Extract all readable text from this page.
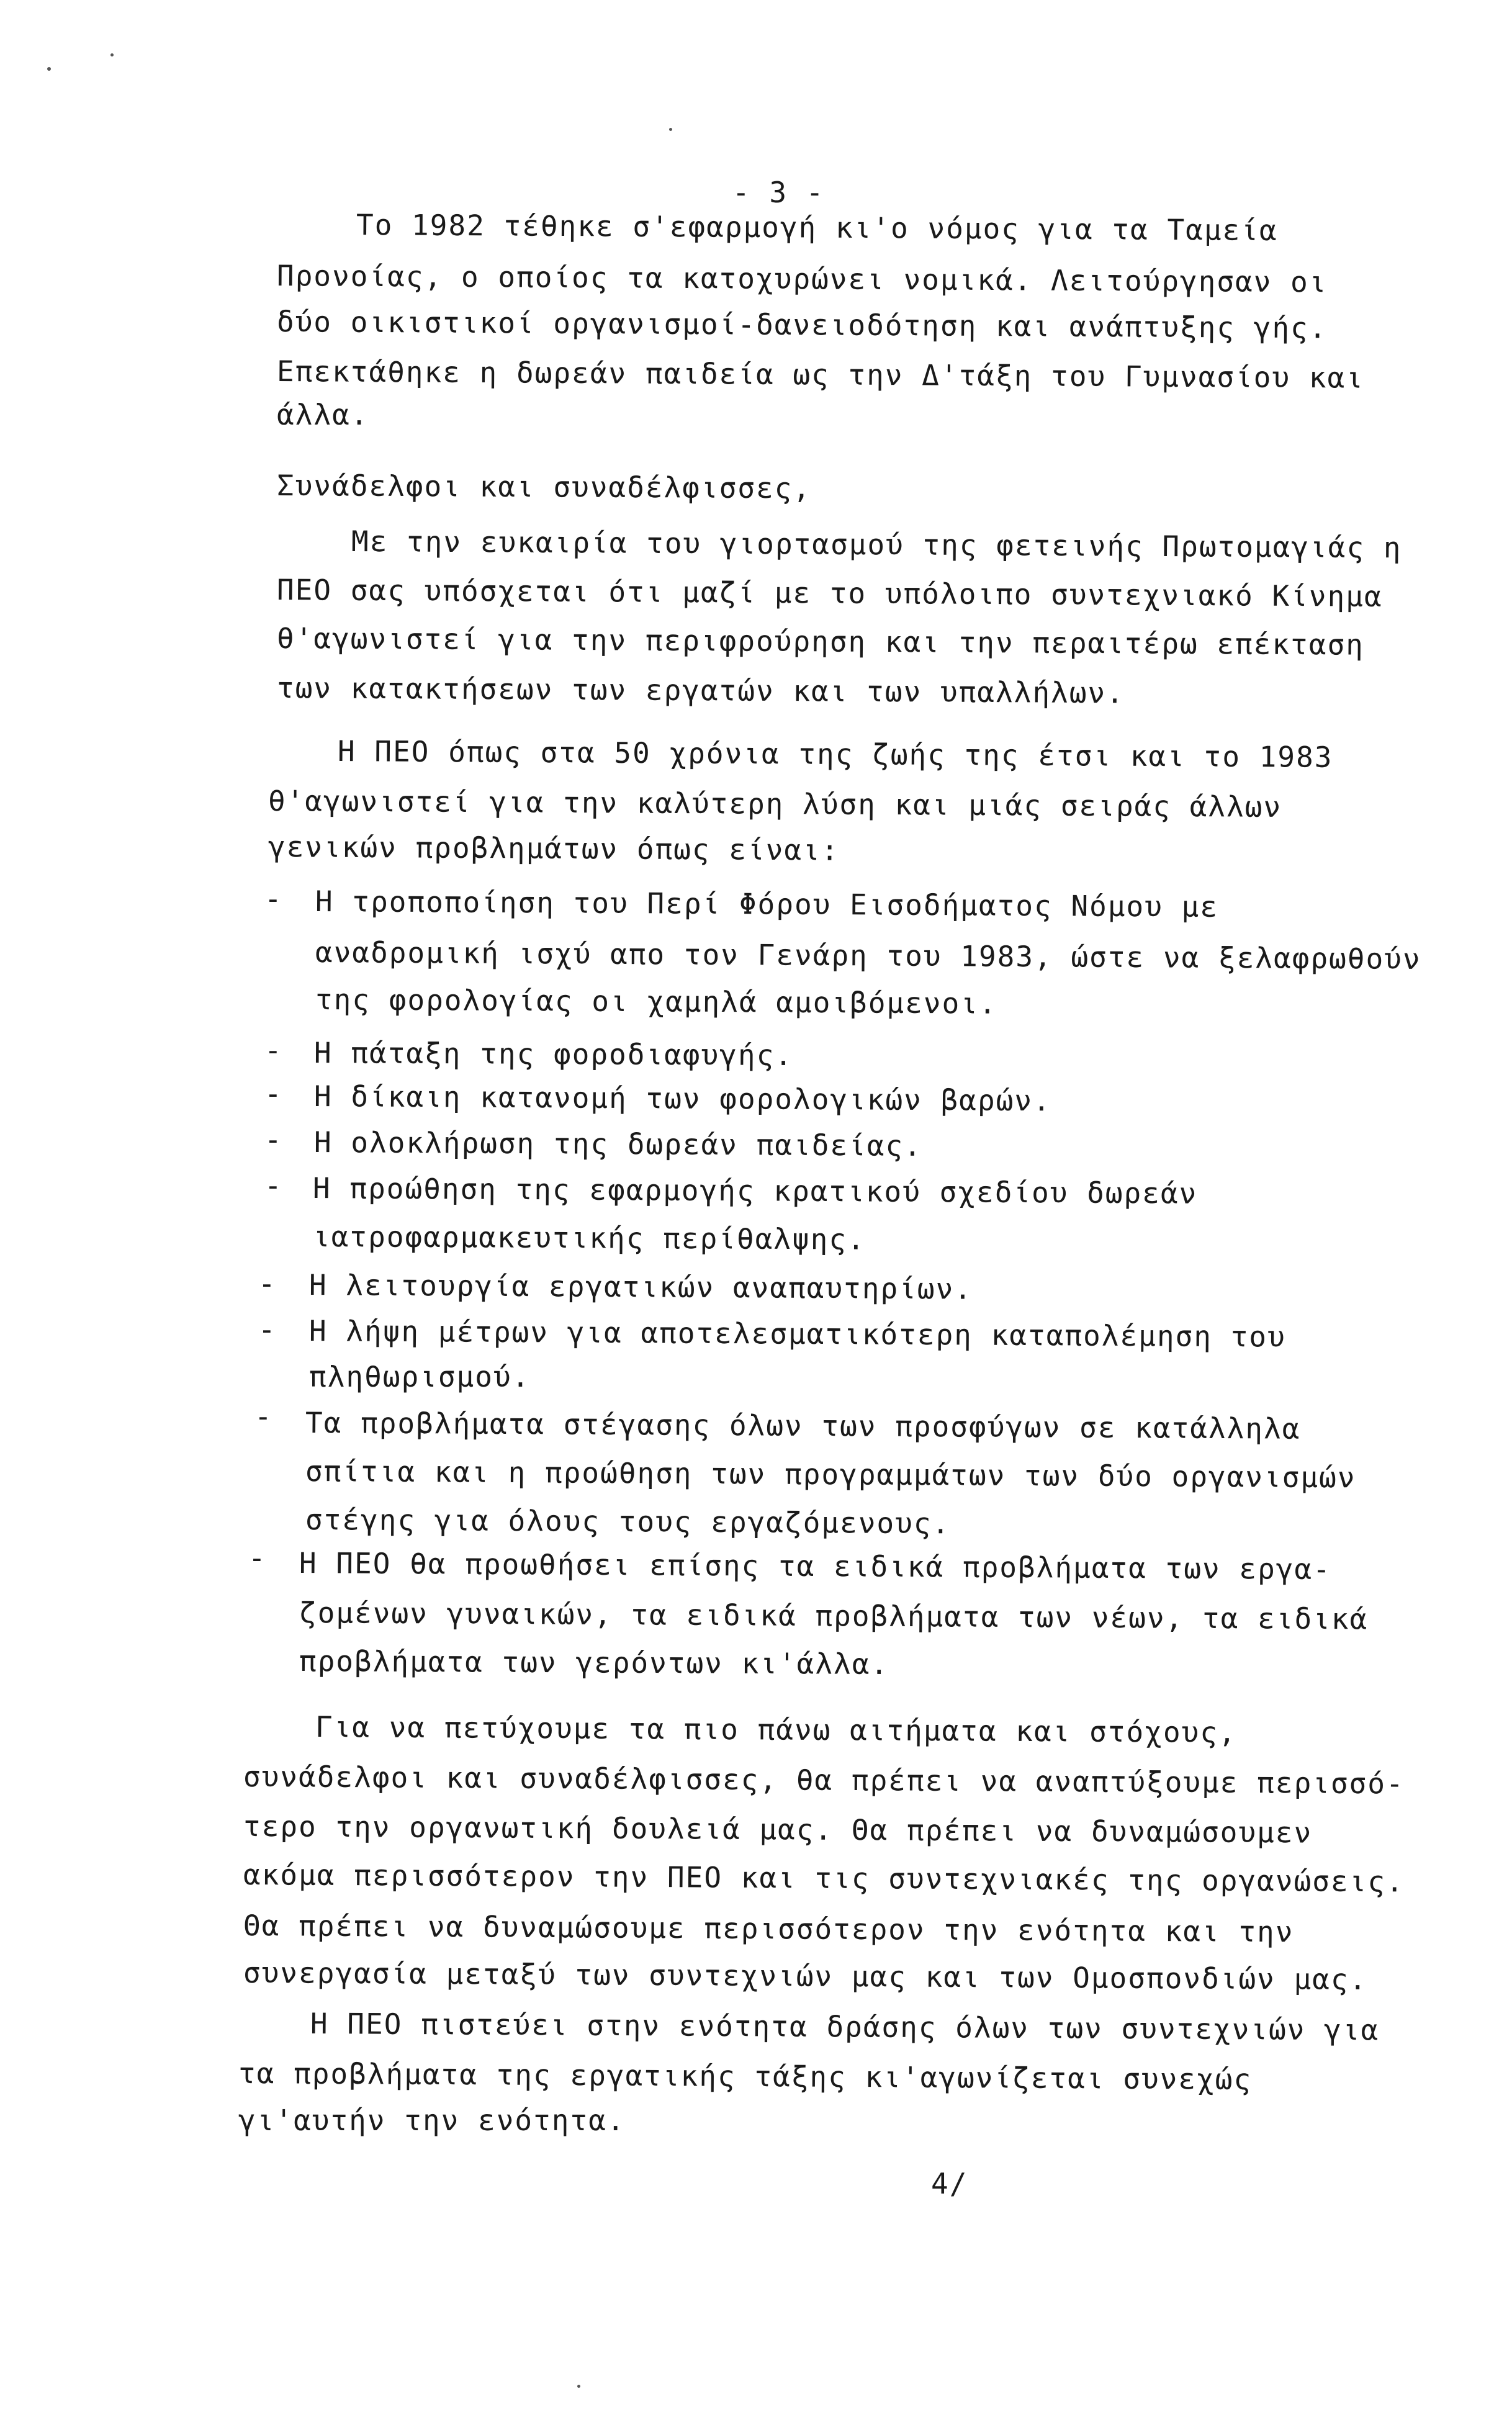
- 3 -
Το 1982 τέθηκε σ'εφαρμογή κι'ο νόμος για τα Ταμεία
Προνοίας, ο οποίος τα κατοχυρώνει νομικά. Λειτούργησαν οι
δύο οικιστικοί οργανισμοί-δανειοδότηση και ανάπτυξης γής.
Επεκτάθηκε η δωρεάν παιδεία ως την Δ'τάξη του Γυμνασίου και
άλλα.
Συνάδελφοι και συναδέλφισσες,
Με την ευκαιρία του γιορτασμού της φετεινής Πρωτομαγιάς η
ΠΕΟ σας υπόσχεται ότι μαζί με το υπόλοιπο συντεχνιακό Κίνημα
θ'αγωνιστεί για την περιφρούρηση και την περαιτέρω επέκταση
των κατακτήσεων των εργατών και των υπαλλήλων.
Η ΠΕΟ όπως στα 50 χρόνια της ζωής της έτσι και το 1983
θ'αγωνιστεί για την καλύτερη λύση και μιάς σειράς άλλων
γενικών προβλημάτων όπως είναι:
- Η τροποποίηση του Περί Φόρου Εισοδήματος Νόμου με
αναδρομική ισχύ απο τον Γενάρη του 1983, ώστε να ξελαφρωθούν
της φορολογίας οι χαμηλά αμοιβόμενοι.
- Η πάταξη της φοροδιαφυγής.
- Η δίκαιη κατανομή των φορολογικών βαρών.
- Η ολοκλήρωση της δωρεάν παιδείας.
- Η προώθηση της εφαρμογής κρατικού σχεδίου δωρεάν
ιατροφαρμακευτικής περίθαλψης.
- Η λειτουργία εργατικών αναπαυτηρίων.
- Η λήψη μέτρων για αποτελεσματικότερη καταπολέμηση του
πληθωρισμού.
- Τα προβλήματα στέγασης όλων των προσφύγων σε κατάλληλα
σπίτια και η προώθηση των προγραμμάτων των δύο οργανισμών
στέγης για όλους τους εργαζόμενους.
- Η ΠΕΟ θα προωθήσει επίσης τα ειδικά προβλήματα των εργα-
ζομένων γυναικών, τα ειδικά προβλήματα των νέων, τα ειδικά
προβλήματα των γερόντων κι'άλλα.
Για να πετύχουμε τα πιο πάνω αιτήματα και στόχους,
συνάδελφοι και συναδέλφισσες, θα πρέπει να αναπτύξουμε περισσό-
τερο την οργανωτική δουλειά μας. Θα πρέπει να δυναμώσουμεν
ακόμα περισσότερον την ΠΕΟ και τις συντεχνιακές της οργανώσεις.
Θα πρέπει να δυναμώσουμε περισσότερον την ενότητα και την
συνεργασία μεταξύ των συντεχνιών μας και των Ομοσπονδιών μας.
Η ΠΕΟ πιστεύει στην ενότητα δράσης όλων των συντεχνιών για
τα προβλήματα της εργατικής τάξης κι'αγωνίζεται συνεχώς
γι'αυτήν την ενότητα.
4/
